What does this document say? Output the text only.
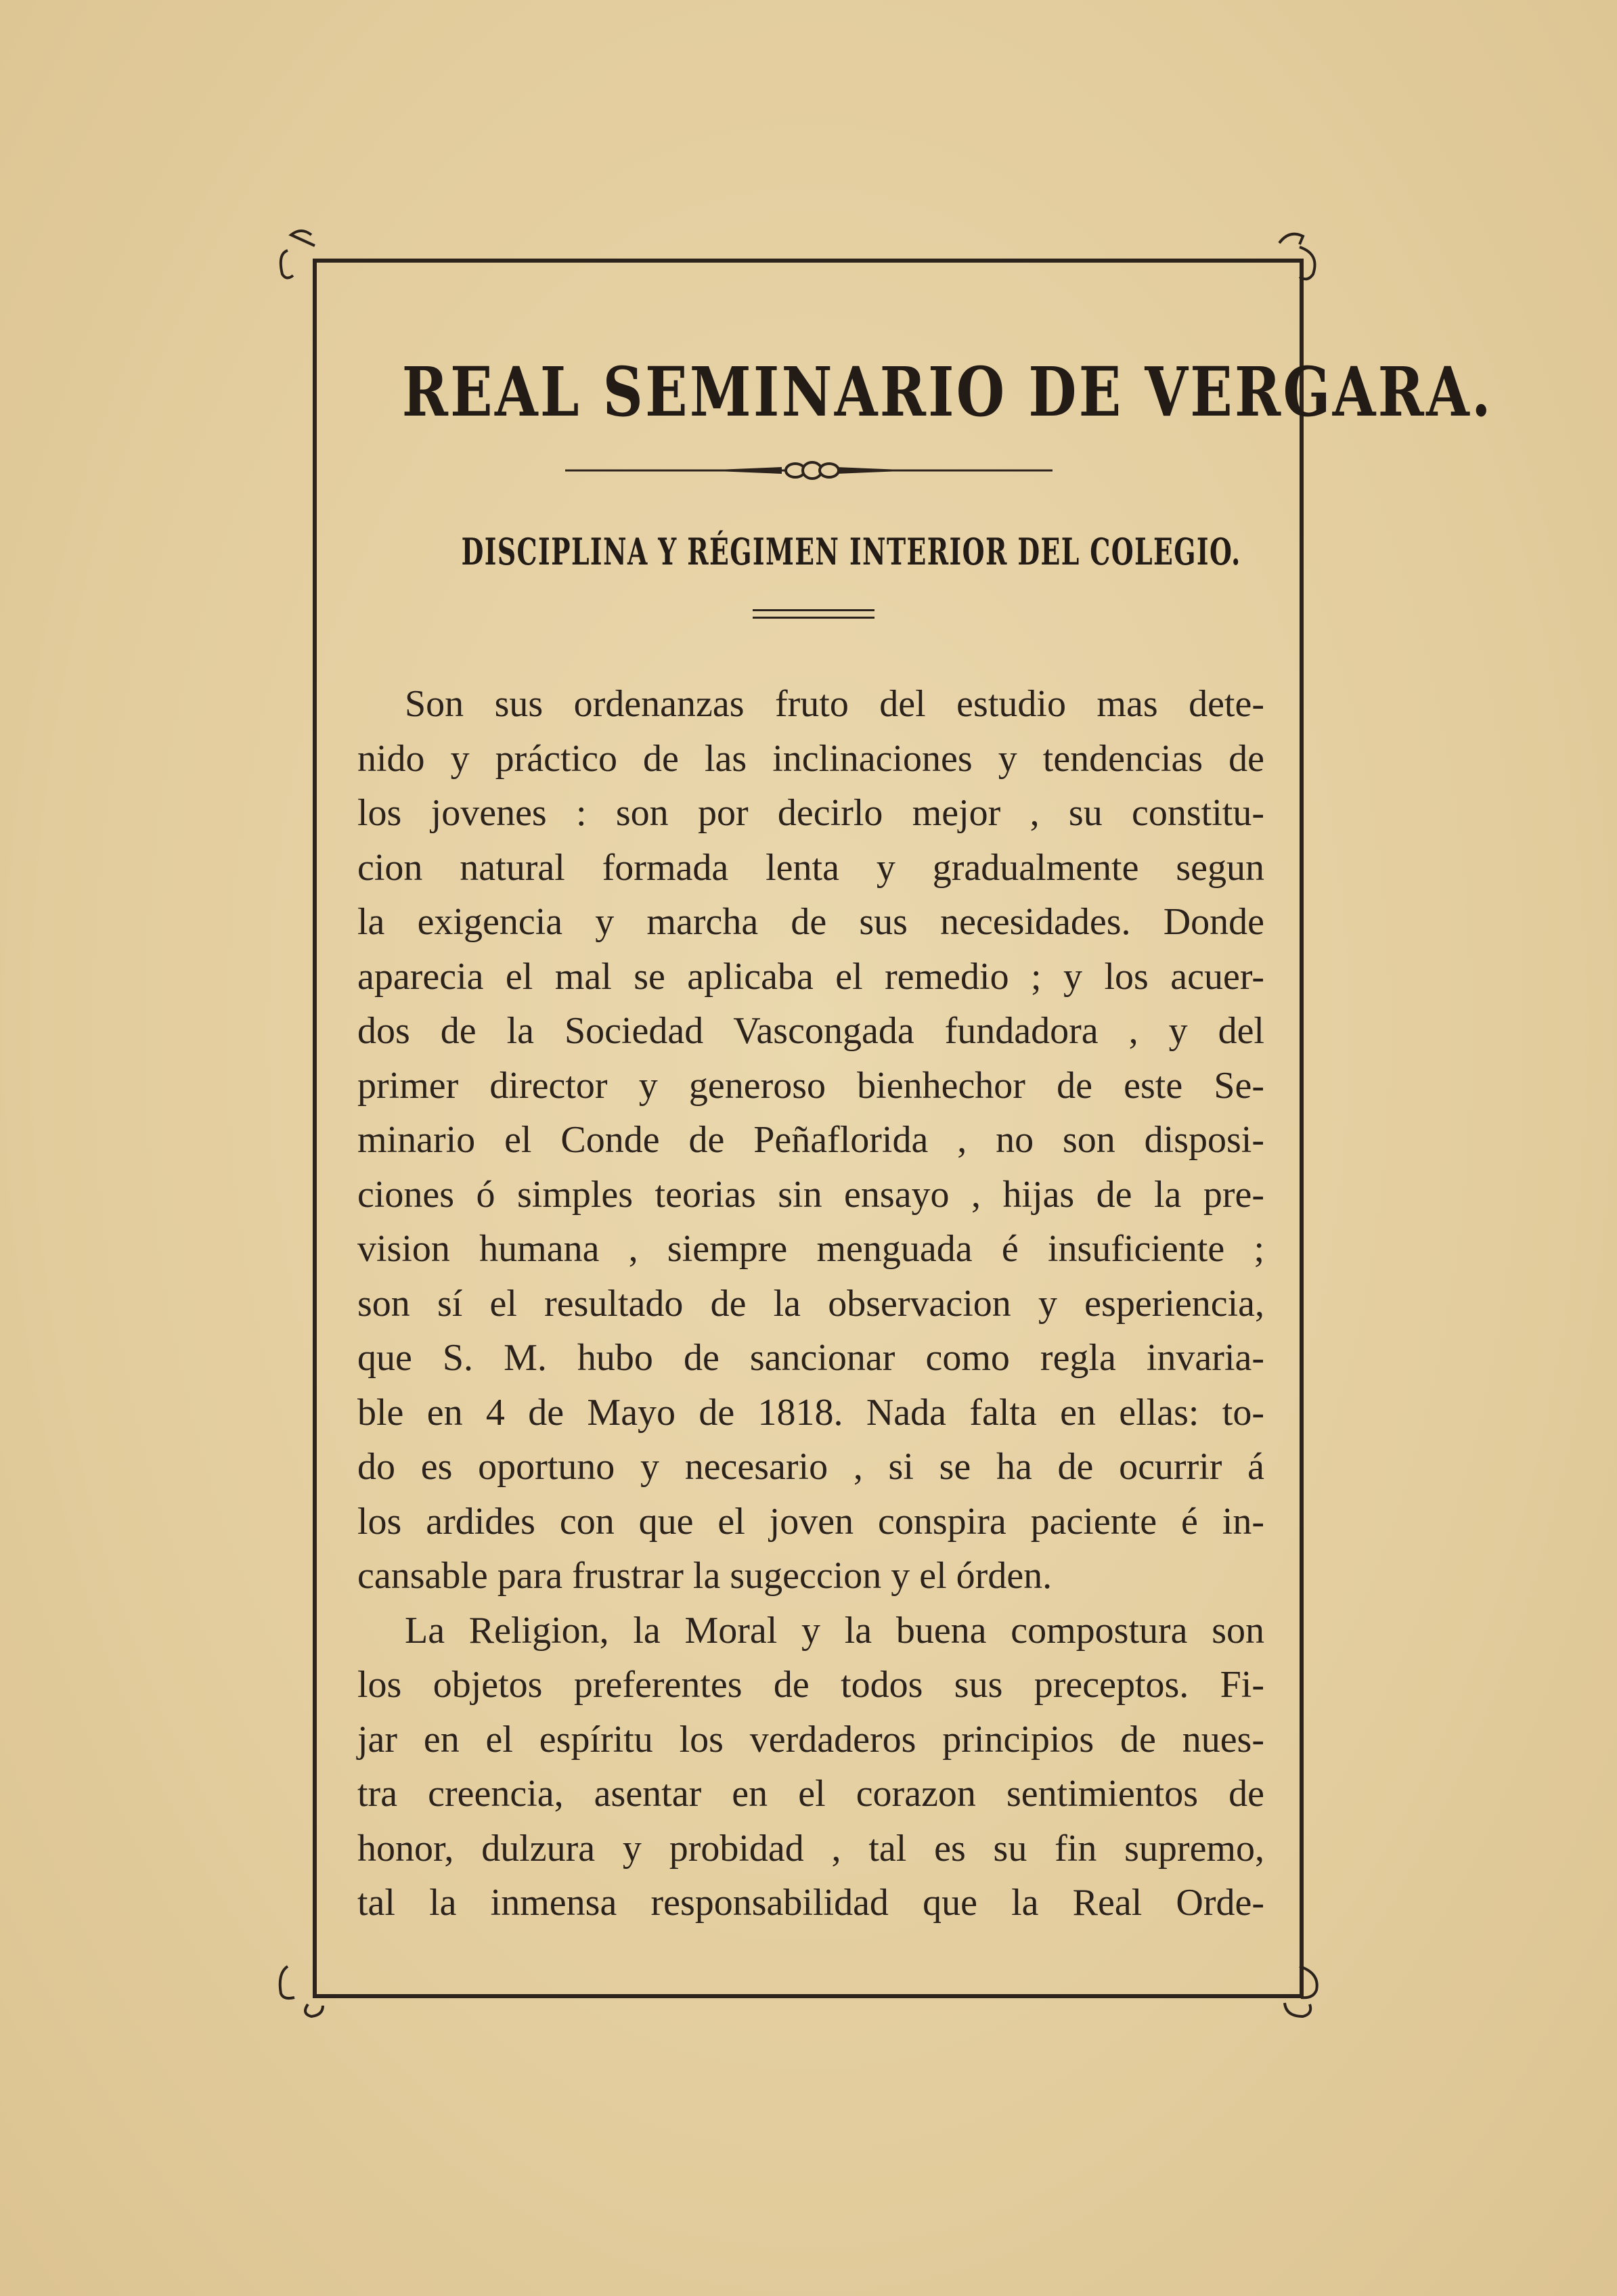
REAL SEMINARIO DE VERGARA.
DISCIPLINA Y RÉGIMEN INTERIOR DEL COLEGIO.
Son sus ordenanzas fruto del estudio mas dete-
nido y práctico de las inclinaciones y tendencias de
los jovenes : son por decirlo mejor , su constitu-
cion natural formada lenta y gradualmente segun
la exigencia y marcha de sus necesidades. Donde
aparecia el mal se aplicaba el remedio ; y los acuer-
dos de la Sociedad Vascongada fundadora , y del
primer director y generoso bienhechor de este Se-
minario el Conde de Peñaflorida , no son disposi-
ciones ó simples teorias sin ensayo , hijas de la pre-
vision humana , siempre menguada é insuficiente ;
son sí el resultado de la observacion y esperiencia,
que S. M. hubo de sancionar como regla invaria-
ble en 4 de Mayo de 1818. Nada falta en ellas: to-
do es oportuno y necesario , si se ha de ocurrir á
los ardides con que el joven conspira paciente é in-
cansable para frustrar la sugeccion y el órden.
La Religion, la Moral y la buena compostura son
los objetos preferentes de todos sus preceptos. Fi-
jar en el espíritu los verdaderos principios de nues-
tra creencia, asentar en el corazon sentimientos de
honor, dulzura y probidad , tal es su fin supremo,
tal la inmensa responsabilidad que la Real Orde-
